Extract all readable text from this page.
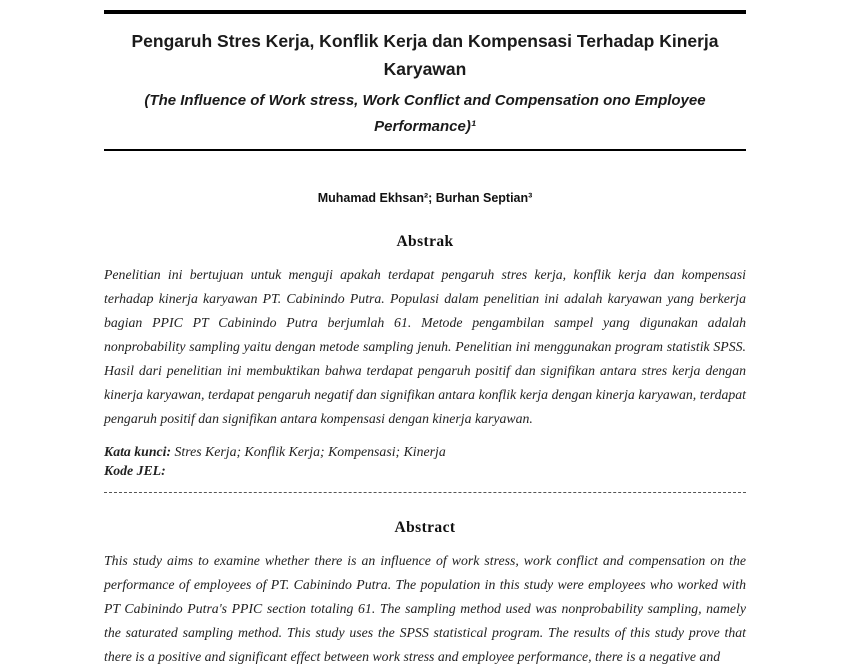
Pengaruh Stres Kerja, Konflik Kerja dan Kompensasi Terhadap Kinerja Karyawan
(The Influence of Work stress, Work Conflict and Compensation ono Employee Performance)¹
Muhamad Ekhsan²; Burhan Septian³
Abstrak

Penelitian ini bertujuan untuk menguji apakah terdapat pengaruh stres kerja, konflik kerja dan kompensasi terhadap kinerja karyawan PT. Cabinindo Putra. Populasi dalam penelitian ini adalah karyawan yang berkerja bagian PPIC PT Cabinindo Putra berjumlah 61. Metode pengambilan sampel yang digunakan adalah nonprobability sampling yaitu dengan metode sampling jenuh. Penelitian ini menggunakan program statistik SPSS. Hasil dari penelitian ini membuktikan bahwa terdapat pengaruh positif dan signifikan antara stres kerja dengan kinerja karyawan, terdapat pengaruh negatif dan signifikan antara konflik kerja dengan kinerja karyawan, terdapat pengaruh positif dan signifikan antara kompensasi dengan kinerja karyawan.

Kata kunci: Stres Kerja; Konflik Kerja; Kompensasi; Kinerja

Kode JEL:

Abstract

This study aims to examine whether there is an influence of work stress, work conflict and compensation on the performance of employees of PT. Cabinindo Putra. The population in this study were employees who worked with PT Cabinindo Putra's PPIC section totaling 61. The sampling method used was nonprobability sampling, namely the saturated sampling method. This study uses the SPSS statistical program. The results of this study prove that there is a positive and significant effect between work stress and employee performance, there is a negative and
